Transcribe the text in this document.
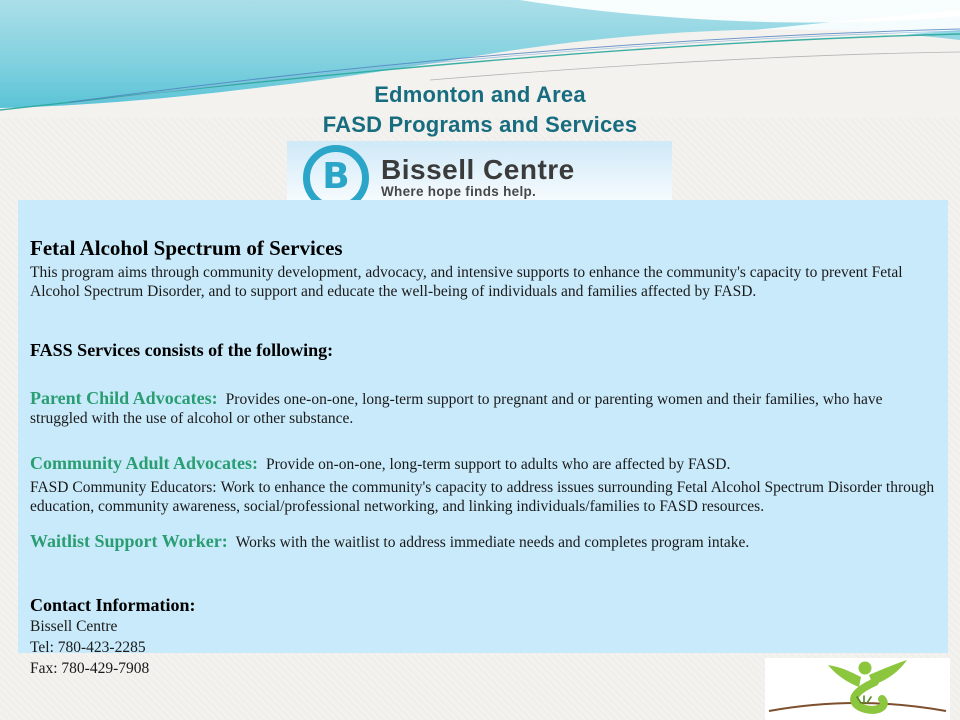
Edmonton and Area
FASD Programs and Services
B Bissell Centre
Where hope finds help.
Fetal Alcohol Spectrum of Services

This program aims through community development, advocacy, and intensive supports to enhance the community's capacity to prevent Fetal Alcohol Spectrum Disorder, and to support and educate the well-being of individuals and families affected by FASD.

FASS Services consists of the following:

Parent Child Advocates: Provides one-on-one, long-term support to pregnant and or parenting women and their families, who have struggled with the use of alcohol or other substance.

Community Adult Advocates: Provide on-on-one, long-term support to adults who are affected by FASD.

FASD Community Educators: Work to enhance the community's capacity to address issues surrounding Fetal Alcohol Spectrum Disorder through education, community awareness, social/professional networking, and linking individuals/families to FASD resources.

Waitlist Support Worker: Works with the waitlist to address immediate needs and completes program intake.

Contact Information:

Bissell Centre

Tel: 780-423-2285

Fax: 780-429-7908
